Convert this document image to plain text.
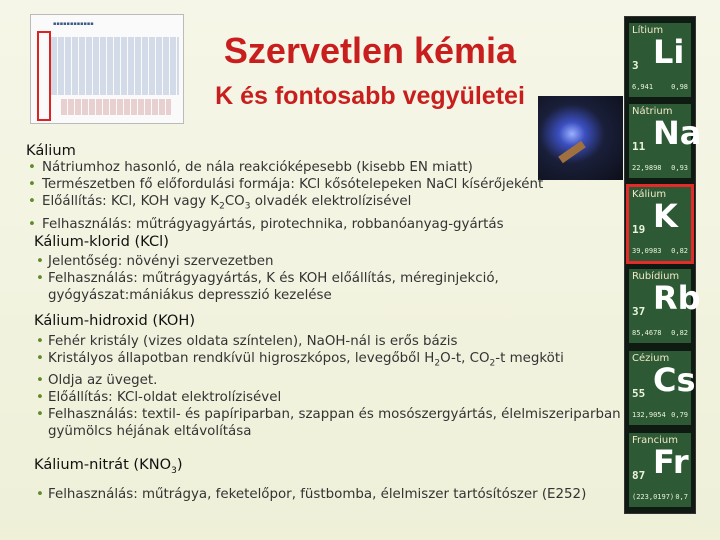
▪▪▪▪▪▪▪▪▪▪▪▪
Szervetlen kémia
K és fontosabb vegyületei

Kálium

• Nátriumhoz hasonló, de nála reakcióképesebb (kisebb EN miatt)
• Természetben fő előfordulási formája: KCl kősótelepeken NaCl kísérőjeként
• Előállítás: KCl, KOH vagy $K_2CO_3$ olvadék elektrolízisével
• Felhasználás: műtrágyagyártás, pirotechnika, robbanóanyag-gyártás

Kálium-klorid (KCl)

• Jelentőség: növényi szervezetben
• Felhasználás: műtrágyagyártás, K és KOH előállítás, méreginjekció, gyógyászat:mániákus depresszió kezelése

Kálium-hidroxid (KOH)

• Fehér kristály (vizes oldata színtelen), NaOH-nál is erős bázis
• Kristályos állapotban rendkívül higroszkópos, levegőből $H_2O-t$, $CO_2-t$ megköti
• Oldja az üveget.
• Előállítás: KCl-oldat elektrolízisével
• Felhasználás: textil- és papíriparban, szappan és mosószergyártás, élelmiszeriparban gyümölcs héjának eltávolítása

Kálium-nitrát $(KNO_3)$

• Felhasználás: műtrágya, feketelőpor, füstbomba, élelmiszer tartósítószer (E252)
Lítium
3 Li
6,941	0,98
Nátrium
11 Na
22,9898 0,93
Kálium
19 K
39,0983 0,82
Rubídium
37 Rb
85,4678 0,82
Cézium
55 Cs
132,9054 0,79
Francium
87 Fr
(223,0197) 0,7
